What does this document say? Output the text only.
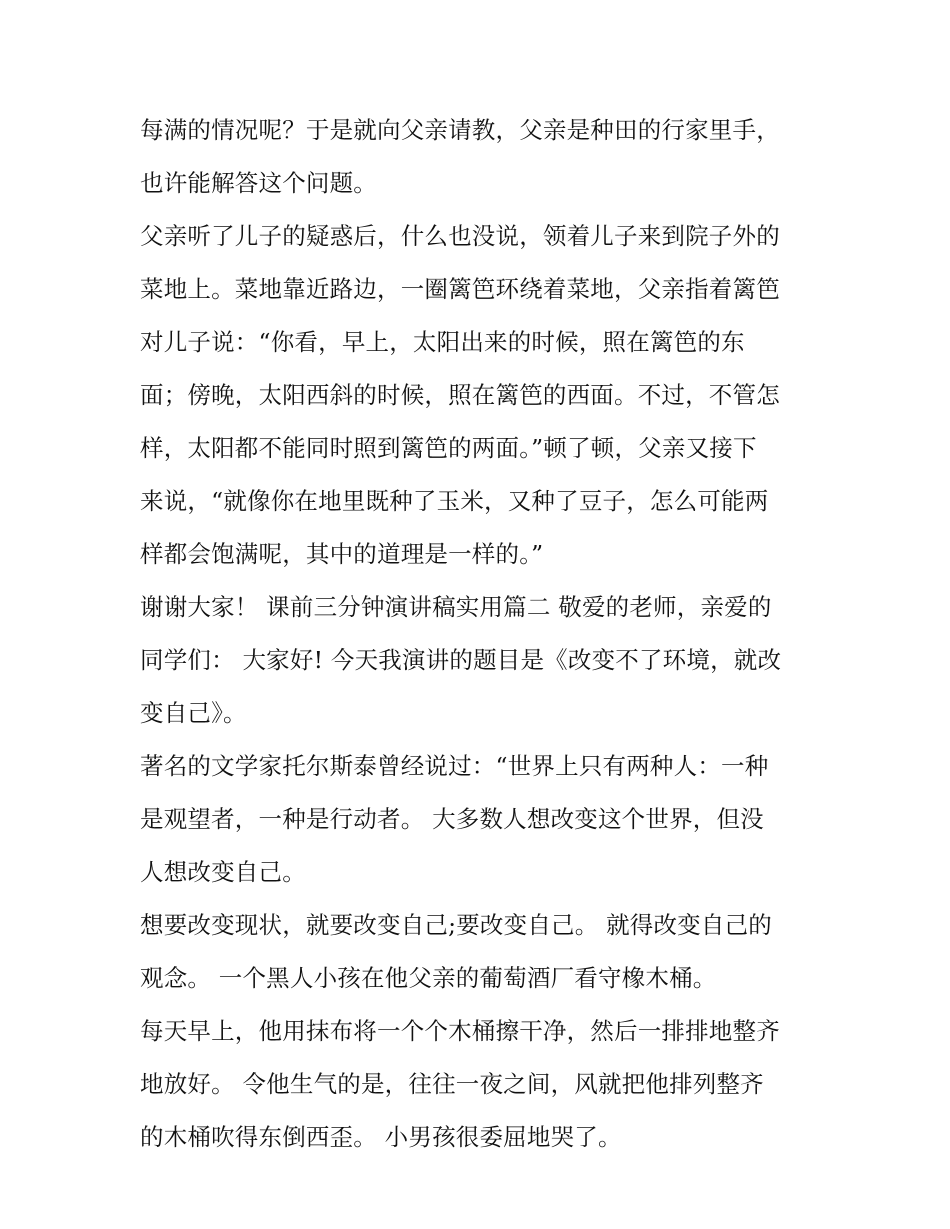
每满的情况呢？于是就向父亲请教，父亲是种田的行家里手，
也许能解答这个问题。
父亲听了儿子的疑惑后，什么也没说，领着儿子来到院子外的
菜地上。菜地靠近路边，一圈篱笆环绕着菜地，父亲指着篱笆
对儿子说：“你看，早上，太阳出来的时候，照在篱笆的东
面；傍晚，太阳西斜的时候，照在篱笆的西面。不过，不管怎
样，太阳都不能同时照到篱笆的两面。”顿了顿，父亲又接下
来说，“就像你在地里既种了玉米，又种了豆子，怎么可能两
样都会饱满呢，其中的道理是一样的。”
谢谢大家！ 课前三分钟演讲稿实用篇二 敬爱的老师，亲爱的
同学们： 大家好! 今天我演讲的题目是《改变不了环境，就改
变自己》。
著名的文学家托尔斯泰曾经说过：“世界上只有两种人：一种
是观望者，一种是行动者。 大多数人想改变这个世界，但没
人想改变自己。
想要改变现状，就要改变自己;要改变自己。 就得改变自己的
观念。 一个黑人小孩在他父亲的葡萄酒厂看守橡木桶。
每天早上，他用抹布将一个个木桶擦干净，然后一排排地整齐
地放好。 令他生气的是，往往一夜之间，风就把他排列整齐
的木桶吹得东倒西歪。 小男孩很委屈地哭了。
